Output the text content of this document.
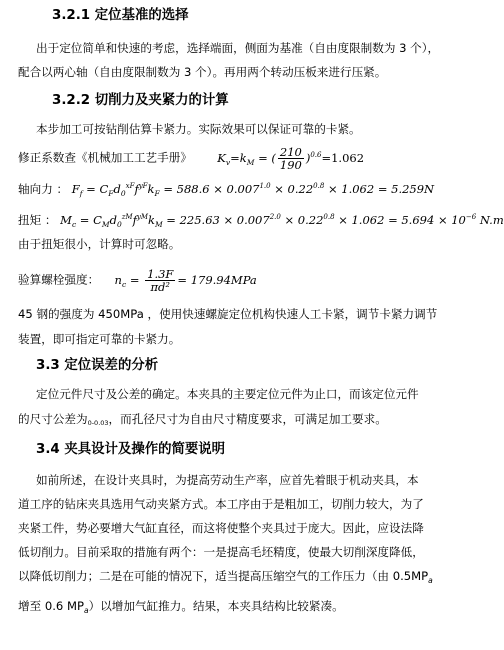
3.2.1 定位基准的选择
出于定位简单和快速的考虑，选择端面，侧面为基准（自由度限制数为 3 个），
配合以两心轴（自由度限制数为 3 个）。再用两个转动压板来进行压紧。
3.2.2 切削力及夹紧力的计算
本步加工可按钻削估算卡紧力。实际效果可以保证可靠的卡紧。
修正系数查《机械加工工艺手册》 $K_v=k_M$ = ( $\frac{210}{190} )^{0.6}=1.062$
轴向力 ： $F_f = C_Fd_0^{xF}f^{yF}k_F = 588.6 \times 0.007^{1.0} \times 0.22^{0.8} \times 1.062 = 5.259N$
扭矩 ： $M_c = C_Md_0^{zM}f^{yM}k_M = 225.63 \times 0.007^{2.0} \times 0.22^{0.8} \times 1.062 = 5.694 \times 10^{-6}$ N.m
由于扭矩很小，计算时可忽略。
验算螺栓强度：  $n_c = \frac{1.3F}{\text{πd²}} = 179.94MPa$
45 钢的强度为 450MPa ，使用快速螺旋定位机构快速人工卡紧，调节卡紧力调节
装置，即可指定可靠的卡紧力。
3.3 定位误差的分析
定位元件尺寸及公差的确定。本夹具的主要定位元件为止口，而该定位元件
的尺寸公差为0-0.03，而孔径尺寸为自由尺寸精度要求，可满足加工要求。
3.4 夹具设计及操作的简要说明
如前所述，在设计夹具时，为提高劳动生产率，应首先着眼于机动夹具，本
道工序的钻床夹具选用气动夹紧方式。本工序由于是粗加工，切削力较大，为了
夹紧工件，势必要增大气缸直径，而这将使整个夹具过于庞大。因此，应设法降
低切削力。目前采取的措施有两个：一是提高毛坯精度，使最大切削深度降低，
以降低切削力；二是在可能的情况下，适当提高压缩空气的工作压力（由 $0.5MP_a$
增至 0.6 $MP_a$）以增加气缸推力。结果，本夹具结构比较紧凑。
